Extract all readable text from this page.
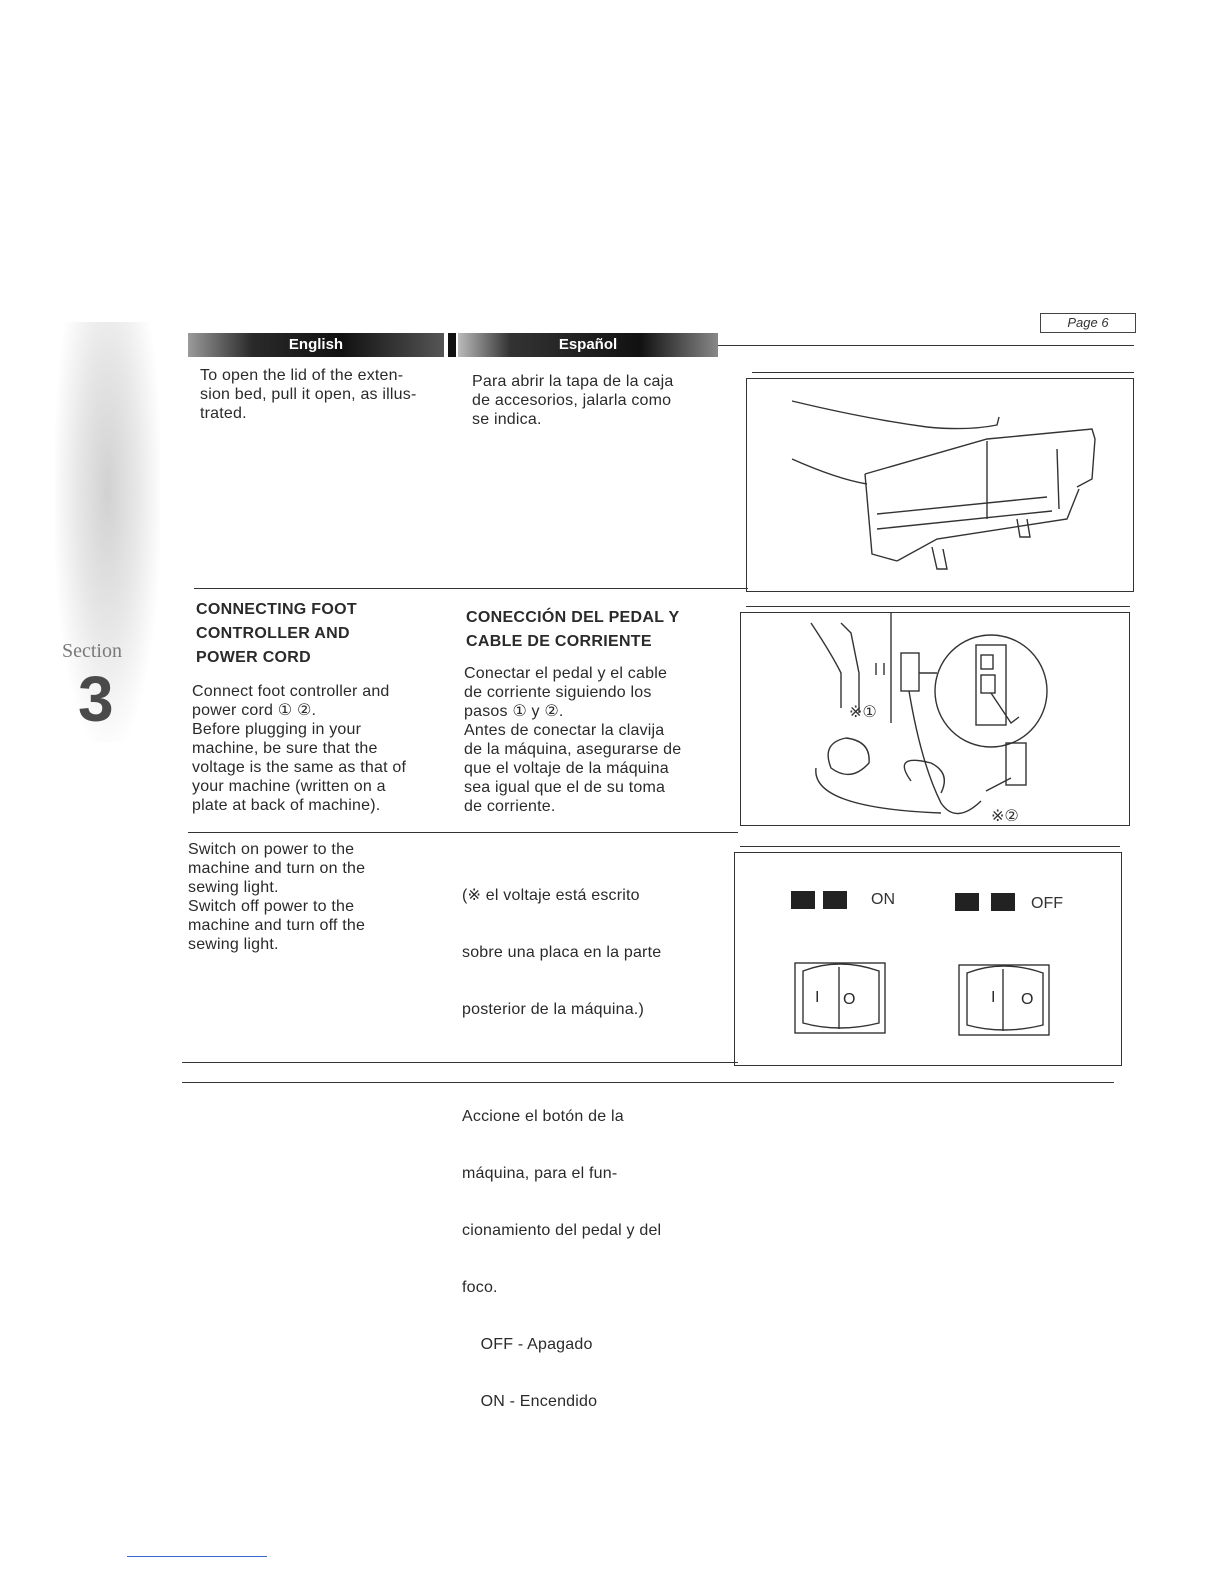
Section
3
Page 6
English	Español
To open the lid of the exten-
sion bed, pull it open, as illus-
trated.
Para abrir la tapa de la caja
de accesorios, jalarla como
se indica.
CONNECTING FOOT
CONTROLLER AND
POWER CORD
Connect foot controller and
power cord ① ②.
Before plugging in your
machine, be sure that the
voltage is the same as that of
your machine (written on a
plate at back of machine).
CONECCIÓN DEL PEDAL Y
CABLE DE CORRIENTE
Conectar el pedal y el cable
de corriente siguiendo los
pasos ① y ②.
Antes de conectar la clavija
de la máquina, asegurarse de
que el voltaje de la máquina
sea igual que el de su toma
de corriente.
※①
※②
Switch on power to the
machine and turn on the
sewing light.
Switch off power to the
machine and turn off the
sewing light.

(※ el voltaje está escrito

sobre una placa en la parte

posterior de la máquina.)

Accione el botón de la

máquina, para el fun-

cionamiento del pedal y del

foco.

OFF - Apagado

ON - Encendido

ON	OFF
I O	I O
